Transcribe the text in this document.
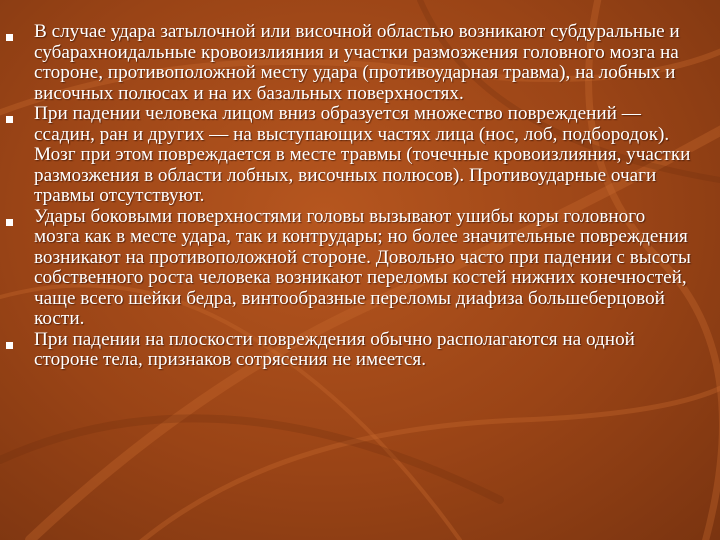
В случае удара затылочной или височной областью возникают субдуральные и субарахноидальные кровоизлияния и участки размозжения головного мозга на стороне, противоположной месту удара (противоударная травма), на лобных и височных полюсах и на их базальных поверхностях.
При падении человека лицом вниз образуется множество повреждений — ссадин, ран и других — на выступающих частях лица (нос, лоб, подбородок). Мозг при этом повреждается в месте травмы (точечные кровоизлияния, участки размозжения в области лобных, височных полюсов). Противоударные очаги травмы отсутствуют.
Удары боковыми поверхностями головы вызывают ушибы коры головного мозга как в месте удара, так и контрудары; но более значительные повреждения возникают на противоположной стороне. Довольно часто при падении с высоты собственного роста человека возникают переломы костей нижних конечностей, чаще всего шейки бедра, винтообразные переломы диафиза большеберцовой кости.
При падении на плоскости повреждения обычно располагаются на одной стороне тела, признаков сотрясения не имеется.
